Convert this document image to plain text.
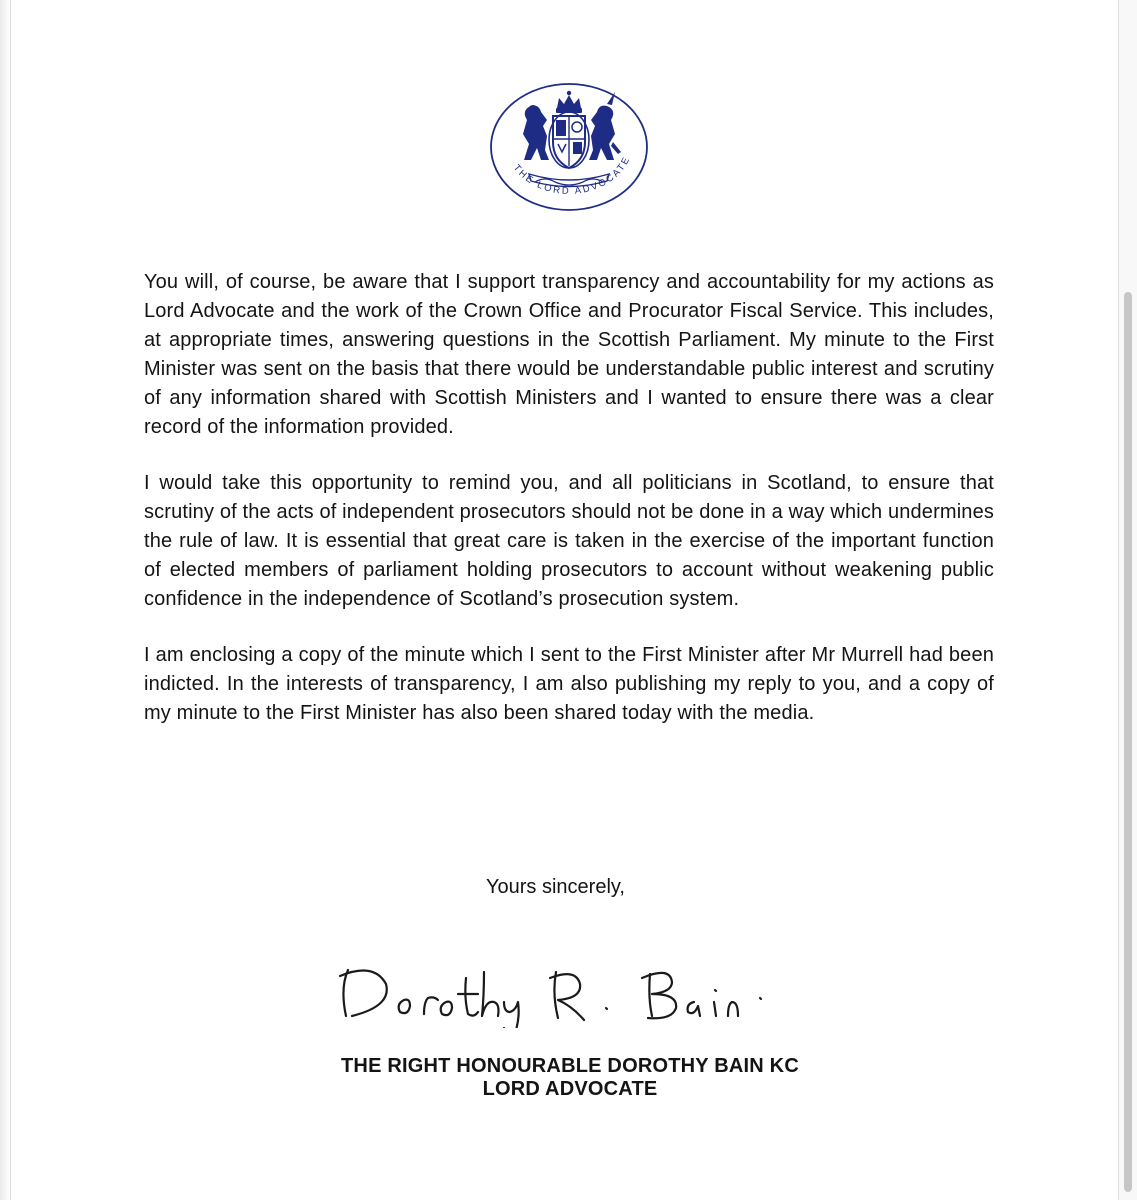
THE LORD ADVOCATE

You will, of course, be aware that I support transparency and accountability for my actions as Lord Advocate and the work of the Crown Office and Procurator Fiscal Service. This includes, at appropriate times, answering questions in the Scottish Parliament. My minute to the First Minister was sent on the basis that there would be understandable public interest and scrutiny of any information shared with Scottish Ministers and I wanted to ensure there was a clear record of the information provided.

I would take this opportunity to remind you, and all politicians in Scotland, to ensure that scrutiny of the acts of independent prosecutors should not be done in a way which undermines the rule of law. It is essential that great care is taken in the exercise of the important function of elected members of parliament holding prosecutors to account without weakening public confidence in the independence of Scotland’s prosecution system.

I am enclosing a copy of the minute which I sent to the First Minister after Mr Murrell had been indicted. In the interests of transparency, I am also publishing my reply to you, and a copy of my minute to the First Minister has also been shared today with the media.

Yours sincerely,
THE RIGHT HONOURABLE DOROTHY BAIN KC
LORD ADVOCATE
